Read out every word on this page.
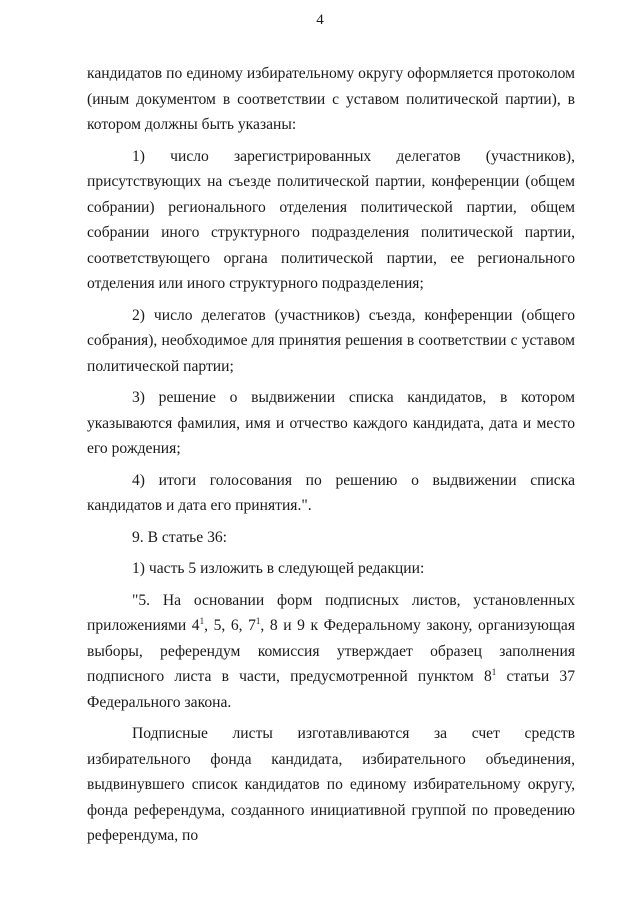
4

кандидатов по единому избирательному округу оформляется протоколом (иным документом в соответствии с уставом политической партии), в котором должны быть указаны:

1) число зарегистрированных делегатов (участников), присутствующих на съезде политической партии, конференции (общем собрании) регионального отделения политической партии, общем собрании иного структурного подразделения политической партии, соответствующего органа политической партии, ее регионального отделения или иного структурного подразделения;

2) число делегатов (участников) съезда, конференции (общего собрания), необходимое для принятия решения в соответствии с уставом политической партии;

3) решение о выдвижении списка кандидатов, в котором указываются фамилия, имя и отчество каждого кандидата, дата и место его рождения;

4) итоги голосования по решению о выдвижении списка кандидатов и дата его принятия.".

9. В статье 36:

1) часть 5 изложить в следующей редакции:

"5. На основании форм подписных листов, установленных приложениями $4^1$, 5, 6, $7^1$, 8 и 9 к Федеральному закону, организующая выборы, референдум комиссия утверждает образец заполнения подписного листа в части, предусмотренной пунктом $8^1$ статьи 37 Федерального закона.

Подписные листы изготавливаются за счет средств избирательного фонда кандидата, избирательного объединения, выдвинувшего список кандидатов по единому избирательному округу, фонда референдума, созданного инициативной группой по проведению референдума, по
